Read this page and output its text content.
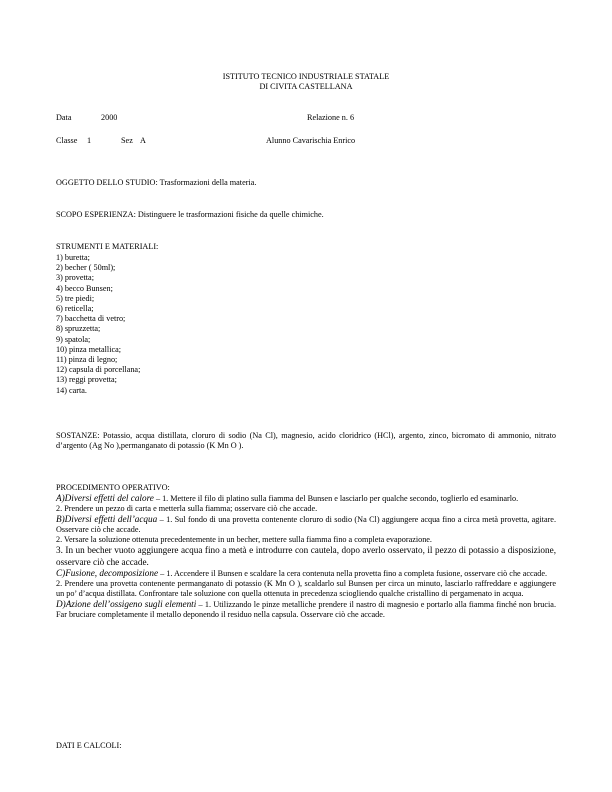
ISTITUTO TECNICO INDUSTRIALE STATALE
DI CIVITA CASTELLANA
Data	2000	Relazione n. 6
Classe 1	Sez A	Alunno Cavarischia Enrico
OGGETTO DELLO STUDIO: Trasformazioni della materia.
SCOPO ESPERIENZA: Distinguere le trasformazioni fisiche da quelle chimiche.
STRUMENTI E MATERIALI:
1) buretta;
2) becher ( 50ml);
3) provetta;
4) becco Bunsen;
5) tre piedi;
6) reticella;
7) bacchetta di vetro;
8) spruzzetta;
9) spatola;
10) pinza metallica;
11) pinza di legno;
12) capsula di porcellana;
13) reggi provetta;
14) carta.
SOSTANZE: Potassio, acqua distillata, cloruro di sodio (Na Cl), magnesio, acido cloridrico (HCl), argento, zinco, bicromato di ammonio, nitrato d’argento (Ag No ),permanganato di potassio (K Mn O ).
PROCEDIMENTO OPERATIVO:

A)Diversi effetti del calore – 1. Mettere il filo di platino sulla fiamma del Bunsen e lasciarlo per qualche secondo, toglierlo ed esaminarlo.

2. Prendere un pezzo di carta e metterla sulla fiamma; osservare ciò che accade.

B)Diversi effetti dell’acqua – 1. Sul fondo di una provetta contenente cloruro di sodio (Na Cl) aggiungere acqua fino a circa metà provetta, agitare. Osservare ciò che accade.

2. Versare la soluzione ottenuta precedentemente in un becher, mettere sulla fiamma fino a completa evaporazione.

3. In un becher vuoto aggiungere acqua fino a metà e introdurre con cautela, dopo averlo osservato, il pezzo di potassio a disposizione, osservare ciò che accade.

C)Fusione, decomposizione – 1. Accendere il Bunsen e scaldare la cera contenuta nella provetta fino a completa fusione, osservare ciò che accade.

2. Prendere una provetta contenente permanganato di potassio (K Mn O ), scaldarlo sul Bunsen per circa un minuto, lasciarlo raffreddare e aggiungere un po’ d’acqua distillata. Confrontare tale soluzione con quella ottenuta in precedenza sciogliendo qualche cristallino di pergamenato in acqua.

D)Azione dell’ossigeno sugli elementi – 1. Utilizzando le pinze metalliche prendere il nastro di magnesio e portarlo alla fiamma finché non brucia. Far bruciare completamente il metallo deponendo il residuo nella capsula. Osservare ciò che accade.

DATI E CALCOLI:
